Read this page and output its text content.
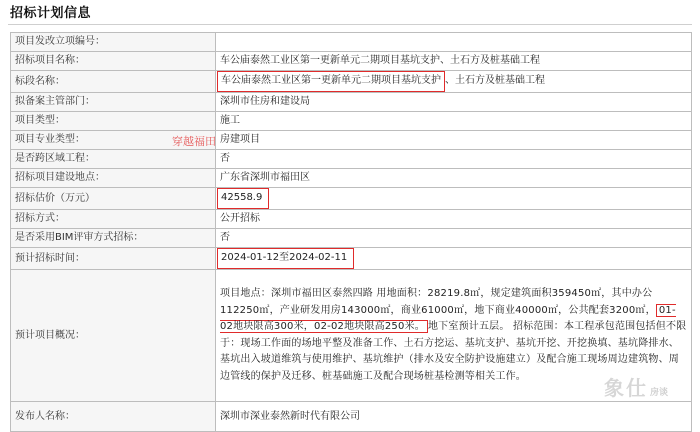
招标计划信息
项目发改立项编号：	
招标项目名称：	车公庙泰然工业区第一更新单元二期项目基坑支护、土石方及桩基础工程
标段名称：	车公庙泰然工业区第一更新单元二期项目基坑支护 、土石方及桩基础工程
拟备案主管部门：	深圳市住房和建设局
项目类型：	施工
项目专业类型：	房建项目
是否跨区域工程：	否
招标项目建设地点：	广东省深圳市福田区
招标估价（万元）	42558.9
招标方式：	公开招标
是否采用BIM评审方式招标：	否
预计招标时间：	2024-01-12至2024-02-11
预计项目概况：	项目地点：深圳市福田区泰然四路 用地面积：28219.8㎡，规定建筑面积359450㎡，其中办公112250㎡，产业研发用房143000㎡，商业61000㎡，地下商业40000㎡，公共配套3200㎡， 01-02地块限高300米，02-02地块限高250米。 地下室预计五层。 招标范围：本工程承包范围包括但不限于：现场工作面的场地平整及准备工作、土石方挖运、基坑支护、基坑开挖、开挖换填、基坑降排水、基坑出入坡道维筑与使用维护、基坑维护（排水及安全防护设施建立）及配合施工现场周边建筑物、周边管线的保护及迁移、桩基础施工及配合现场桩基检测等相关工作。
发布人名称：	深圳市深业泰然新时代有限公司
穿越福田
象仕 房谈
